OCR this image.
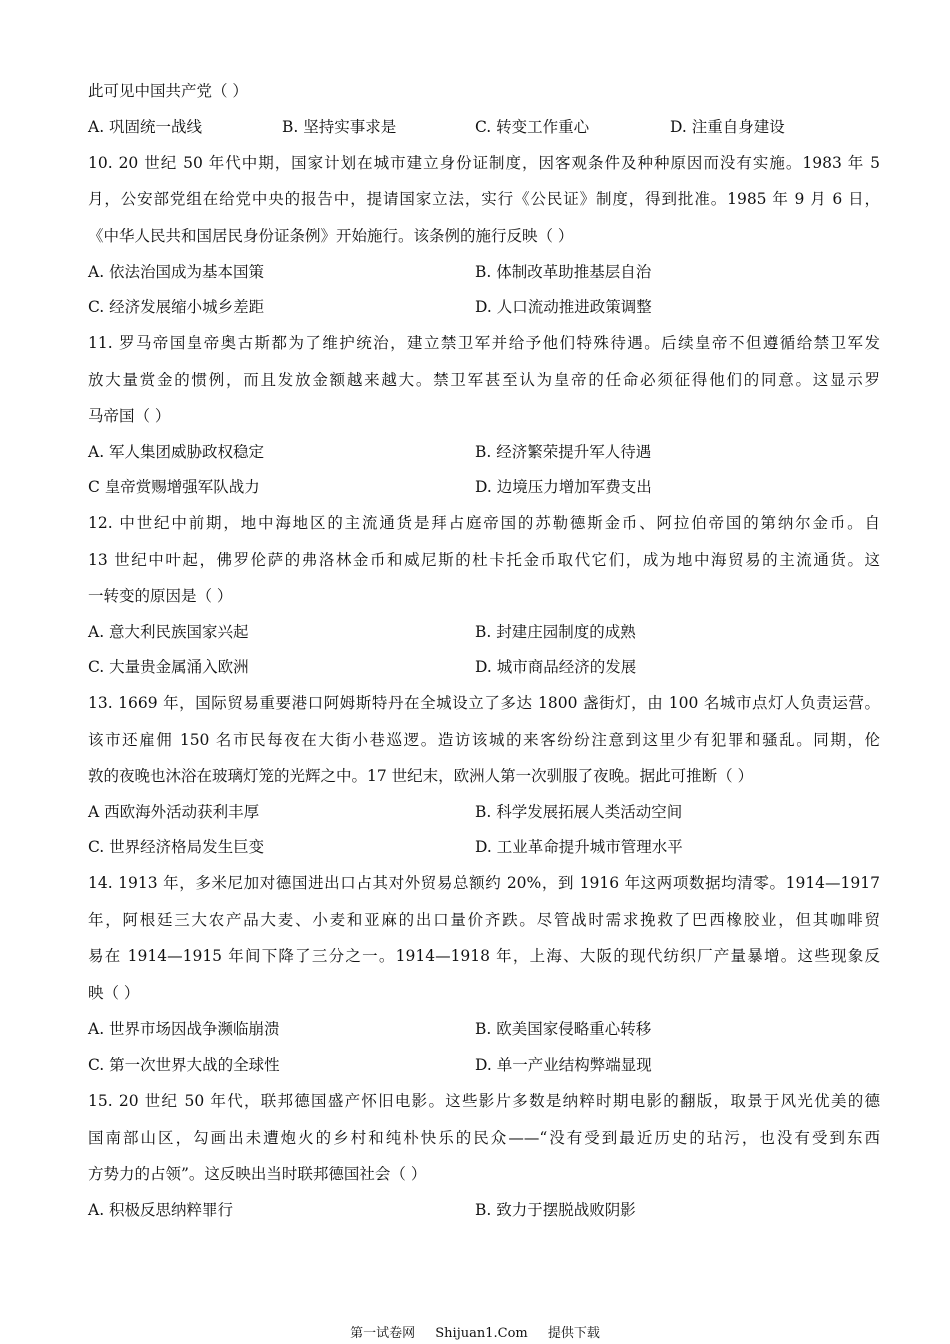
此可见中国共产党（ ）
A. 巩固统一战线	B. 坚持实事求是	C. 转变工作重心	D. 注重自身建设
10. 20 世纪 50 年代中期，国家计划在城市建立身份证制度，因客观条件及种种原因而没有实施。1983 年 5
月，公安部党组在给党中央的报告中，提请国家立法，实行《公民证》制度，得到批准。1985 年 9 月 6 日，
《中华人民共和国居民身份证条例》开始施行。该条例的施行反映（ ）
A. 依法治国成为基本国策	B. 体制改革助推基层自治
C. 经济发展缩小城乡差距	D. 人口流动推进政策调整
11. 罗马帝国皇帝奥古斯都为了维护统治，建立禁卫军并给予他们特殊待遇。后续皇帝不但遵循给禁卫军发
放大量赏金的惯例，而且发放金额越来越大。禁卫军甚至认为皇帝的任命必须征得他们的同意。这显示罗
马帝国（ ）
A. 军人集团威胁政权稳定	B. 经济繁荣提升军人待遇
C 皇帝赏赐增强军队战力	D. 边境压力增加军费支出
12. 中世纪中前期，地中海地区的主流通货是拜占庭帝国的苏勒德斯金币、阿拉伯帝国的第纳尔金币。自
13 世纪中叶起，佛罗伦萨的弗洛林金币和威尼斯的杜卡托金币取代它们，成为地中海贸易的主流通货。这
一转变的原因是（ ）
A. 意大利民族国家兴起	B. 封建庄园制度的成熟
C. 大量贵金属涌入欧洲	D. 城市商品经济的发展
13. 1669 年，国际贸易重要港口阿姆斯特丹在全城设立了多达 1800 盏街灯，由 100 名城市点灯人负责运营。
该市还雇佣 150 名市民每夜在大街小巷巡逻。造访该城的来客纷纷注意到这里少有犯罪和骚乱。同期，伦
敦的夜晚也沐浴在玻璃灯笼的光辉之中。17 世纪末，欧洲人第一次驯服了夜晚。据此可推断（ ）
A 西欧海外活动获利丰厚	B. 科学发展拓展人类活动空间
C. 世界经济格局发生巨变	D. 工业革命提升城市管理水平
14. 1913 年，多米尼加对德国进出口占其对外贸易总额约 20%，到 1916 年这两项数据均清零。1914—1917
年，阿根廷三大农产品大麦、小麦和亚麻的出口量价齐跌。尽管战时需求挽救了巴西橡胶业，但其咖啡贸
易在 1914—1915 年间下降了三分之一。1914—1918 年，上海、大阪的现代纺织厂产量暴增。这些现象反
映（ ）
A. 世界市场因战争濒临崩溃	B. 欧美国家侵略重心转移
C. 第一次世界大战的全球性	D. 单一产业结构弊端显现
15. 20 世纪 50 年代，联邦德国盛产怀旧电影。这些影片多数是纳粹时期电影的翻版，取景于风光优美的德
国南部山区，勾画出未遭炮火的乡村和纯朴快乐的民众——“没有受到最近历史的玷污，也没有受到东西
方势力的占领”。这反映出当时联邦德国社会（ ）
A. 积极反思纳粹罪行	B. 致力于摆脱战败阴影
第一试卷网 Shijuan1.Com 提供下载
